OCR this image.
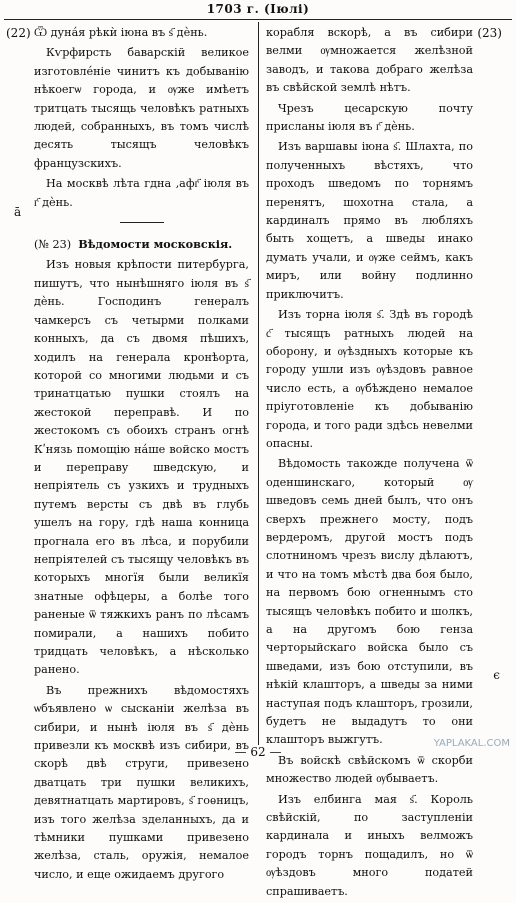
1703 г. (Іюлі)
(22)	(23)
ā
є

Ѿ дунáя рѣкѝ іюна въ ѕ҃ дѐнь.

Кѵрфирсть баварскій великое изготовлéніе чинитъ къ добыванію нѣкоегѡ города, и ѹже имѣетъ тритцать тысящь человѣкъ ратныхъ людей, собранныхъ, въ томъ числѣ десять тысящъ человѣкъ французскихъ.

На москвѣ лѣта гдна ‚афг҃ іюля въ г҃ дѐнь.

(№ 23) Вѣдомости московскія.

Изъ новыя крѣпости питербурга, пишутъ, что нынѣшняго іюля въ ѕ҃ дѐнь. Господинъ генералъ чамкерсъ съ четырми полками конныхъ, да съ двомя пѣшихъ, ходилъ на генерала кронѣорта, которой со многими людьми и съ тринатцатью пушки стоялъ на жестокой переправѣ. И по жестокомъ съ обоихъ странъ огнѣ Кʹнязь помощію нáше войско мостъ и переправу шведскую, и непріятель съ узкихъ и трудныхъ путемъ версты съ двѣ въ глубь ушелъ на гору, гдѣ наша конница прогнала его въ лѣса, и порубили непріятелей съ тысящу человѣкъ въ которыхъ многїя были великїя знатные офѣцеры, а болѣе того раненые ѿ тяжкихъ ранъ по лѣсамъ помирали, а нашихъ побито тридцать человѣкъ, а нѣсколько ранено.

Въ прежнихъ вѣдомостяхъ ѡбъявлено ѡ сысканіи желѣза въ сибири, и нынѣ іюля въ ѕ҃ дѐнь привезли къ москвѣ изъ сибири, въ скорѣ двѣ струги, привезено дватцать три пушки великихъ, девятнатцать мартировъ, ѕ҃ гоѳницъ, изъ того желѣза зделанныхъ, да и тѣмники пушками привезено желѣза, сталь, оружія, немалое число, и еще ожидаемъ другого

корабля вскорѣ, а въ сибири велми ѹмножается желѣзной заводъ, и такова добраго желѣза въ свѣйской землѣ нѣтъ.

Чрезъ цесарскую почту присланы іюля въ г҃ дѐнь.

Изъ варшавы іюна ѕ҃. Шлахта, по полученныхъ вѣстяхъ, что проходъ шведомъ по торнямъ перенятъ, шохотна стала, а кардиналъ прямо въ любляхъ быть хощетъ, а шведы инако думать учали, и ѹже сеймъ, какъ миръ, или войну подлинно приключитъ.

Изъ торна іюля ѕ҃. Здѣ въ городѣ с҃ тысящъ ратныхъ людей на оборону, и ѹѣздныхъ которые къ городу ушли изъ ѹѣздовъ равное число есть, а ѹбѣждено немалое пріуготовленіе къ добыванію города, и того ради здѣсь невелми опасны.

Вѣдомость такожде получена ѿ оденшинскаго, который ѹ шведовъ семь дней былъ, что онъ сверхъ прежнего мосту, подъ вердеромъ, другой мостъ подъ слотниномъ чрезъ вислу дѣлаютъ, и что на томъ мѣстѣ два боя было, на первомъ бою огненнымъ сто тысящъ человѣкъ побито и шолкъ, а на другомъ бою генза черторыйскаго войска было съ шведами, изъ бою отступили, въ нѣкій клашторъ, а шведы за ними наступая подъ клашторъ, грозили, будетъ не выдадутъ то они клашторъ выжгутъ.

Въ войскѣ свѣйскомъ ѿ скорби множество людей ѹбываетъ.

Изъ елбинга мая ѕ҃. Король свѣйскій, по заступленіи кардинала и иныхъ велможъ городъ торнъ пощадилъ, но ѿ ѹѣздовъ много податей спрашиваетъ.

— 62 —
YAPLAKAL.COM
